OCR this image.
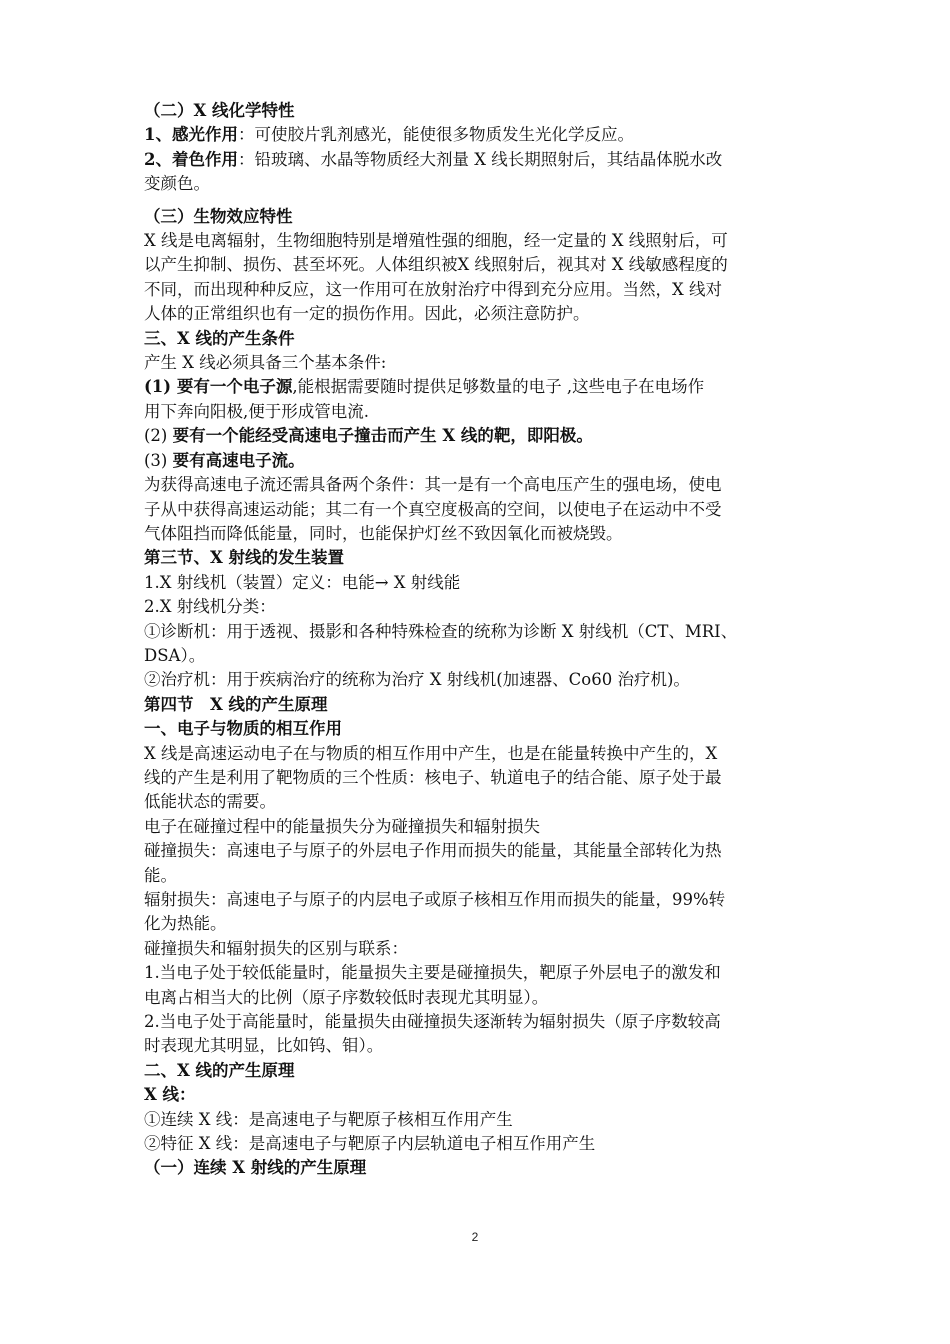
（二）X 线化学特性

1、感光作用：可使胶片乳剂感光，能使很多物质发生光化学反应。

2、着色作用：铅玻璃、水晶等物质经大剂量 X 线长期照射后，其结晶体脱水改

变颜色。

（三）生物效应特性

X 线是电离辐射，生物细胞特别是增殖性强的细胞，经一定量的 X 线照射后，可

以产生抑制、损伤、甚至坏死。人体组织被X 线照射后，视其对 X 线敏感程度的

不同，而出现种种反应，这一作用可在放射治疗中得到充分应用。当然，X 线对

人体的正常组织也有一定的损伤作用。因此，必须注意防护。

三、X 线的产生条件

产生 X 线必须具备三个基本条件:

(1) 要有一个电子源,能根据需要随时提供足够数量的电子 ,这些电子在电场作

用下奔向阳极,便于形成管电流.

(2) 要有一个能经受高速电子撞击而产生 X 线的靶，即阳极。

(3) 要有高速电子流。

为获得高速电子流还需具备两个条件：其一是有一个高电压产生的强电场，使电

子从中获得高速运动能；其二有一个真空度极高的空间，以使电子在运动中不受

气体阻挡而降低能量，同时，也能保护灯丝不致因氧化而被烧毁。

第三节、X 射线的发生装置

1.X 射线机（装置）定义：电能→ X 射线能

2.X 射线机分类：

①诊断机：用于透视、摄影和各种特殊检查的统称为诊断 X 射线机（CT、MRI、

DSA）。

②治疗机：用于疾病治疗的统称为治疗 X 射线机(加速器、Co60 治疗机)。

第四节　X 线的产生原理

一、电子与物质的相互作用

X 线是高速运动电子在与物质的相互作用中产生，也是在能量转换中产生的，X

线的产生是利用了靶物质的三个性质：核电子、轨道电子的结合能、原子处于最

低能状态的需要。

电子在碰撞过程中的能量损失分为碰撞损失和辐射损失

碰撞损失：高速电子与原子的外层电子作用而损失的能量，其能量全部转化为热

能。

辐射损失：高速电子与原子的内层电子或原子核相互作用而损失的能量，99%转

化为热能。

碰撞损失和辐射损失的区别与联系：

1.当电子处于较低能量时，能量损失主要是碰撞损失，靶原子外层电子的激发和

电离占相当大的比例（原子序数较低时表现尤其明显）。

2.当电子处于高能量时，能量损失由碰撞损失逐渐转为辐射损失（原子序数较高

时表现尤其明显，比如钨、钼）。

二、X 线的产生原理

X 线：

①连续 X 线：是高速电子与靶原子核相互作用产生

②特征 X 线：是高速电子与靶原子内层轨道电子相互作用产生

（一）连续 X 射线的产生原理

2
